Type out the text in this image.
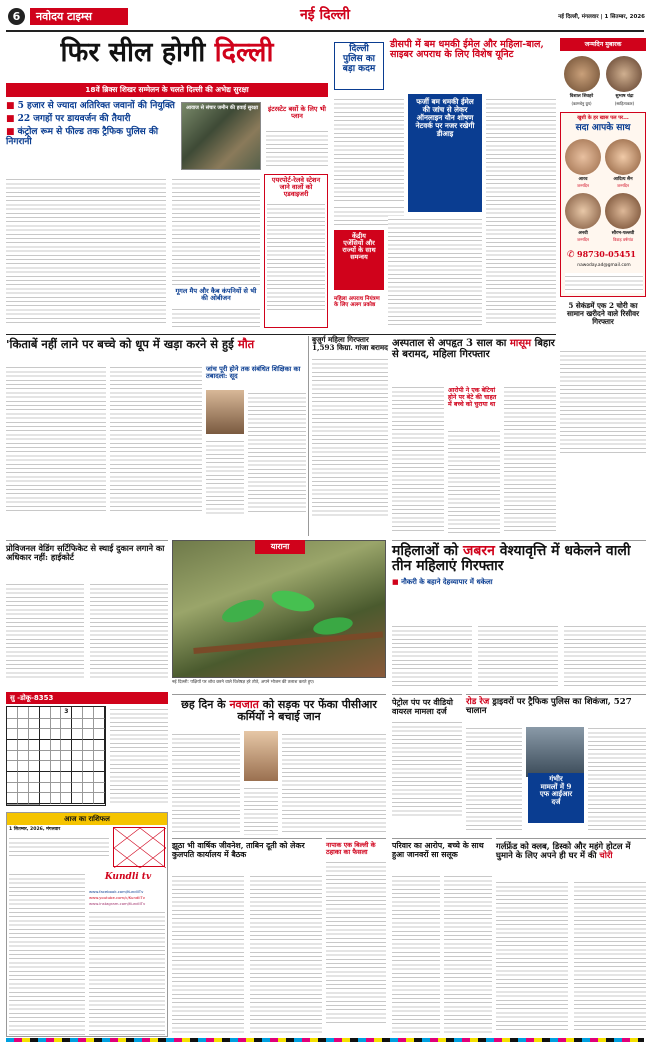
6	नवोदय टाइम्स	नई दिल्ली	नई दिल्ली, मंगलवार | 1 सितम्बर, 2026
फिर सील होगी दिल्ली
18वें ब्रिक्स शिखर सम्मेलन के चलते दिल्ली की अभेद्य सुरक्षा
■ 5 हजार से ज्यादा अतिरिक्त जवानों की नियुक्ति
■ 22 जगहों पर डायवर्जन की तैयारी
■ कंट्रोल रूम से फील्ड तक ट्रैफिक पुलिस की निगरानी
आवाज से संचार जमीन की हवाई सुरक्षा	इंटरस्टेट बसों के लिए भी प्लान
गूगल मैप और कैब कंपनियों से भी की ओबीजन
एयरपोर्ट-रेलवे स्टेशन जाने वालों को एडवाइजरी
दिल्ली
पुलिस का
बड़ा कदम
डीसपी में बम धमकी ईमेल और महिला-बाल, साइबर अपराध के लिए विशेष यूनिट
फर्जी बम धमकी ईमेल की जांच से लेकर ऑनलाइन यौन शोषण नेटवर्क पर नजर रखेगी डीआइ
केंद्रीय
एजेंसियों और
राज्यों के साथ
समन्वय
महिला अपराध नियंत्रण के लिए अलग प्रकोष्ठ
जन्मदिन मुबारक
विशाल शिवहरे
(कामधेनु ग्रुप)
सुभाष चंद्रा
(साहित्यकार)
खुशी के हर खास पल पर...
सदा आपके साथ
आरव
जन्मदिन
आदित्य सैन
जन्मदिन
अनवी
जन्मदिन
सौरभ-पल्लवी
विवाह वर्षगांठ
✆ 98730-05451
nawoday.ad@gmail.com
5 सेकंडमें एक 2 चोरी का सामान खरीदने वाले रिसीवर गिरफ्तार
'किताबें नहीं लाने पर बच्चे को धूप में खड़ा करने से हुई मौत
जांच पूरी होने तक संबंधित शिक्षिका का तबादला: सूद
बुजुर्ग महिला गिरफ्तार 1,593 किग्रा. गांजा बरामद अस्पताल से अपहृत 3 साल का मासूम बिहार से बरामद, महिला गिरफ्तार
आरोपी ने एक बेटियां होने पर बेटे की चाहत में बच्चे को चुराया था
प्रोविजनल वेडिंग सर्टिफिकेट से स्थाई दुकान लगाने का अधिकार नहीं: हाईकोर्ट
सु -डोकू-8353
3
याराना
नई दिल्ली: पक्षियों पर शोध करने वाले विशेषज्ञ हरे तोते, अपने भोजन की तलाश करते हुए।
महिलाओं को जबरन वेश्यावृत्ति में धकेलने वाली तीन महिलाएं गिरफ्तार
■ नौकरी के बहाने देहव्यापार में धकेला
आज का राशिफल
1 सितम्बर, 2026, मंगलवार
Kundli tv
www.facebook.com/KundliTv
www.youtube.com/c/KundliTv
www.instagram.com/KundliTv
छह दिन के नवजात को सड़क पर फेंका पीसीआर कर्मियों ने बचाई जान
पेट्रोल पंप पर वीडियो वायरल मामला दर्ज
रोड रेज ड्राइवरों पर ट्रैफिक पुलिस का शिकंजा, 527 चालान
गंभीर
मामलों में 9
एफ आईआर
दर्ज
झूठा भी वार्षिक जीवनेश, ताबिन दूती को लेकर कुलपति कार्यालय में बैठक
नापाक एक बिल्ली के ठहाका का फैसला
परिवार का आरोप, बच्चे के साथ हुआ जानवरों सा सलूक
गर्लफ्रेंड को क्लब, डिस्को और महंगे होटल में घुमाने के लिए अपने ही घर में की चोरी
